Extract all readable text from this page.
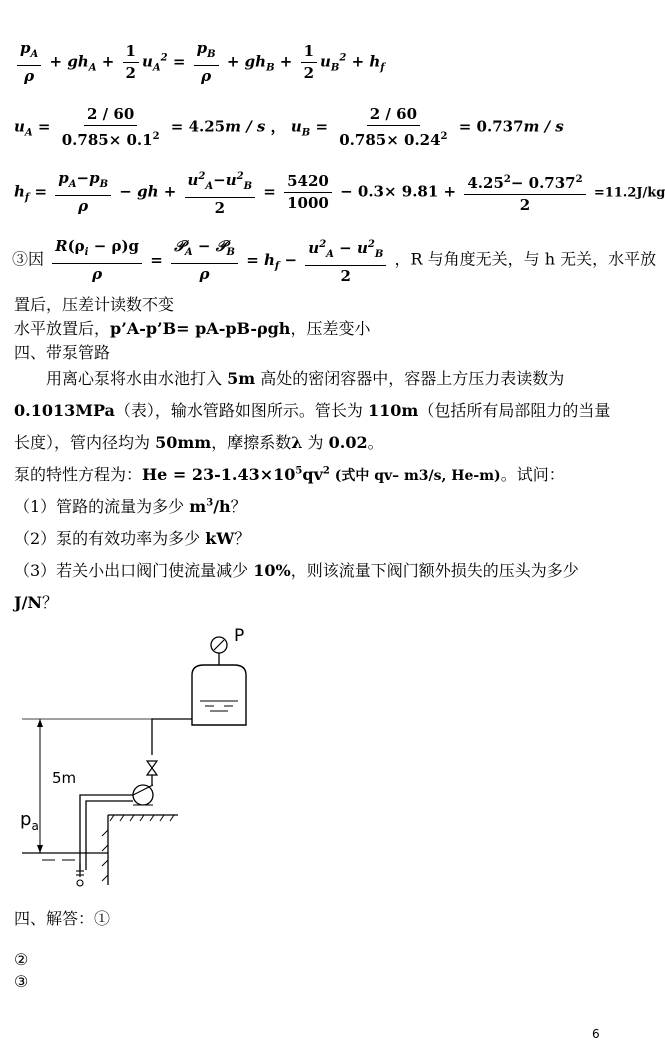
$\frac{p_A}{\rho} + gh_A + \frac{1}{2} u_A^2 = \frac{p_B}{\rho} + gh_B + \frac{1}{2} u_B^2 + h_f$
$u_A = \frac{2 / 60}{0.785\times 0.1^2} = 4.25m / s$ ， $u_B = \frac{2 / 60}{0.785\times 0.24^2} = 0.737m / s$
$h_f = \frac{p_A-p_B}{\rho}$ − gh + $\frac{u^2_A-u^2_B}{2} = \frac{5420}{1000} - 0.3\times 9.81 + \frac{4.25^2- 0.737^2}{2} =11.2J/kg$
③因 $\frac{R(\rho_i - \rho)g}{\rho} = \frac{𝒫_A - 𝒫_B}{\rho} = h_f - \frac{u^2_A - u^2_B}{2}$ ，R 与角度无关，与 h 无关，水平放
置后，压差计读数不变
水平放置后，p’A-p’B= pA-pB-ρgh，压差变小
四、带泵管路
用离心泵将水由水池打入 5m 高处的密闭容器中，容器上方压力表读数为
0.1013MPa（表），输水管路如图所示。管长为 110m（包括所有局部阻力的当量
长度），管内径均为 50mm，摩擦系数λ 为 0.02。
泵的特性方程为：$He = 23-1.43\times 10^5qv^2$ (式中 qv– m3/s, He-m)。试问：
（1）管路的流量为多少 $m^3/h$？
（2）泵的有效功率为多少 kW？
（3）若关小出口阀门使流量减少 10%，则该流量下阀门额外损失的压头为多少
J/N？
P
5m
$p_a$
四、解答：①
②
③
6
